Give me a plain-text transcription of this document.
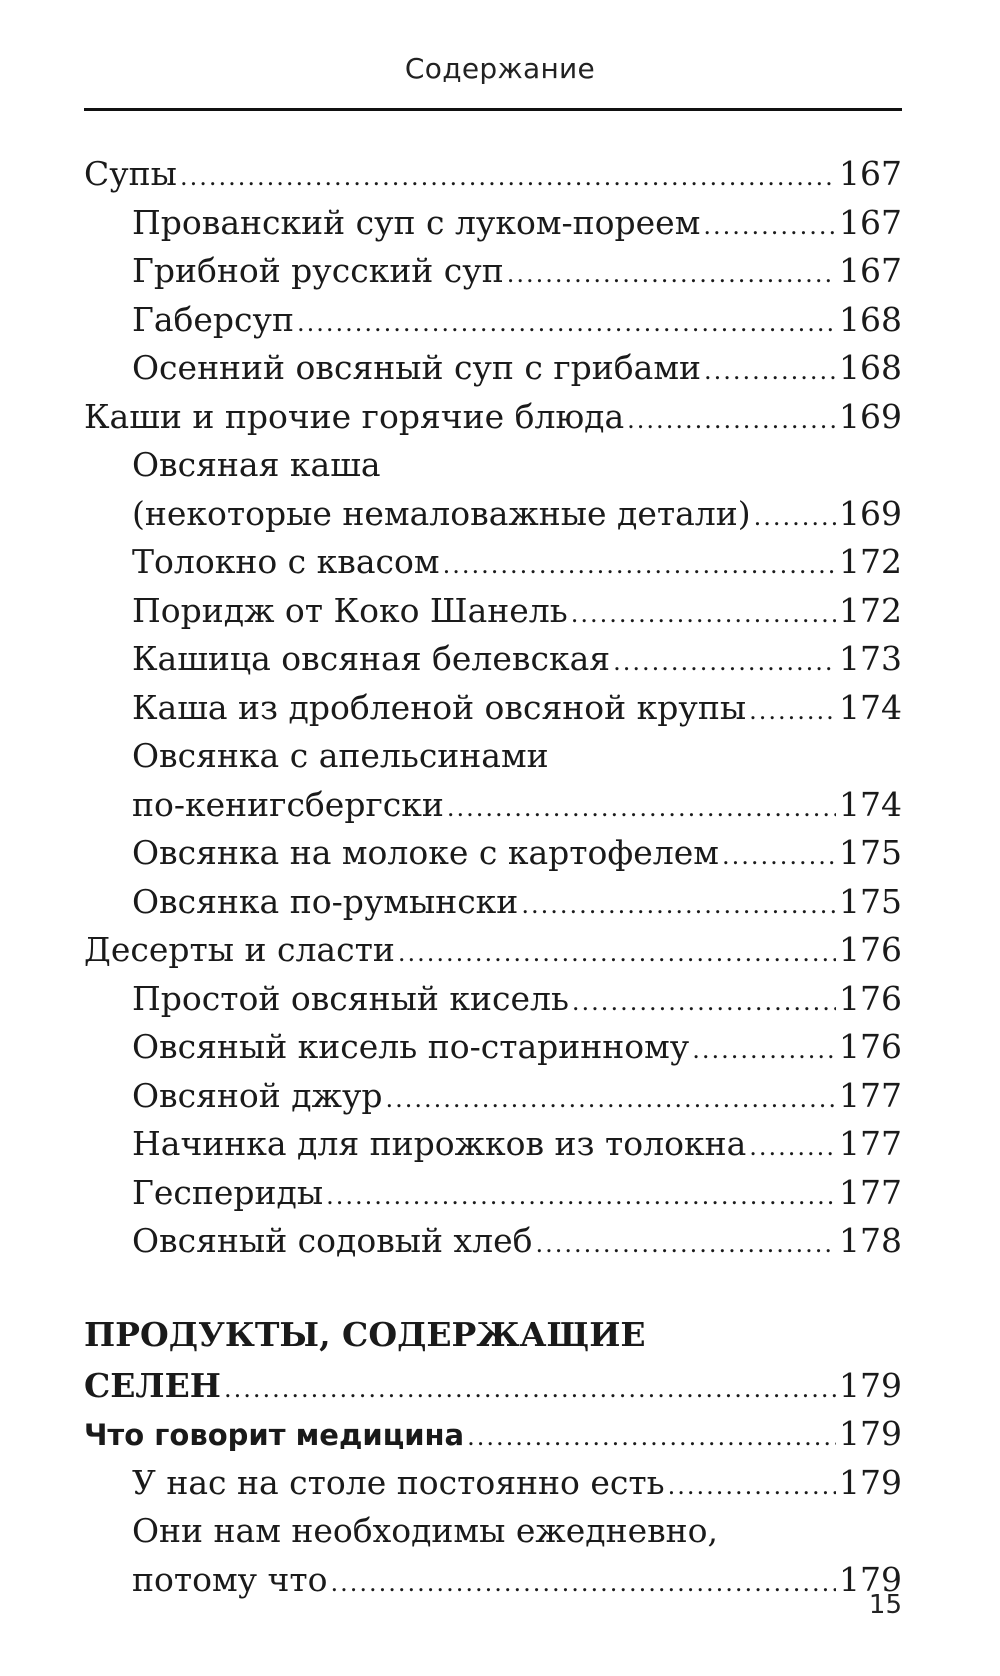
Содержание
Супы .....	167
Прованский суп с луком-пореем .....	167
Грибной русский суп .....	167
Габерсуп .....	168
Осенний овсяный суп с грибами .....	168
Каши и прочие горячие блюда .....	169
Овсяная каша
(некоторые немаловажные детали) .....	169
Толокно с квасом .....	172
Поридж от Коко Шанель .....	172
Кашица овсяная белевская .....	173
Каша из дробленой овсяной крупы .....	174
Овсянка с апельсинами
по-кенигсбергски .....	174
Овсянка на молоке с картофелем .....	175
Овсянка по-румынски .....	175
Десерты и сласти .....	176
Простой овсяный кисель .....	176
Овсяный кисель по-старинному .....	176
Овсяной джур .....	177
Начинка для пирожков из толокна .....	177
Геспериды .....	177
Овсяный содовый хлеб .....	178
ПРОДУКТЫ, СОДЕРЖАЩИЕ
СЕЛЕН .....	179
Что говорит медицина .....	179
У нас на столе постоянно есть .....	179
Они нам необходимы ежедневно,
потому что .....	179
15
